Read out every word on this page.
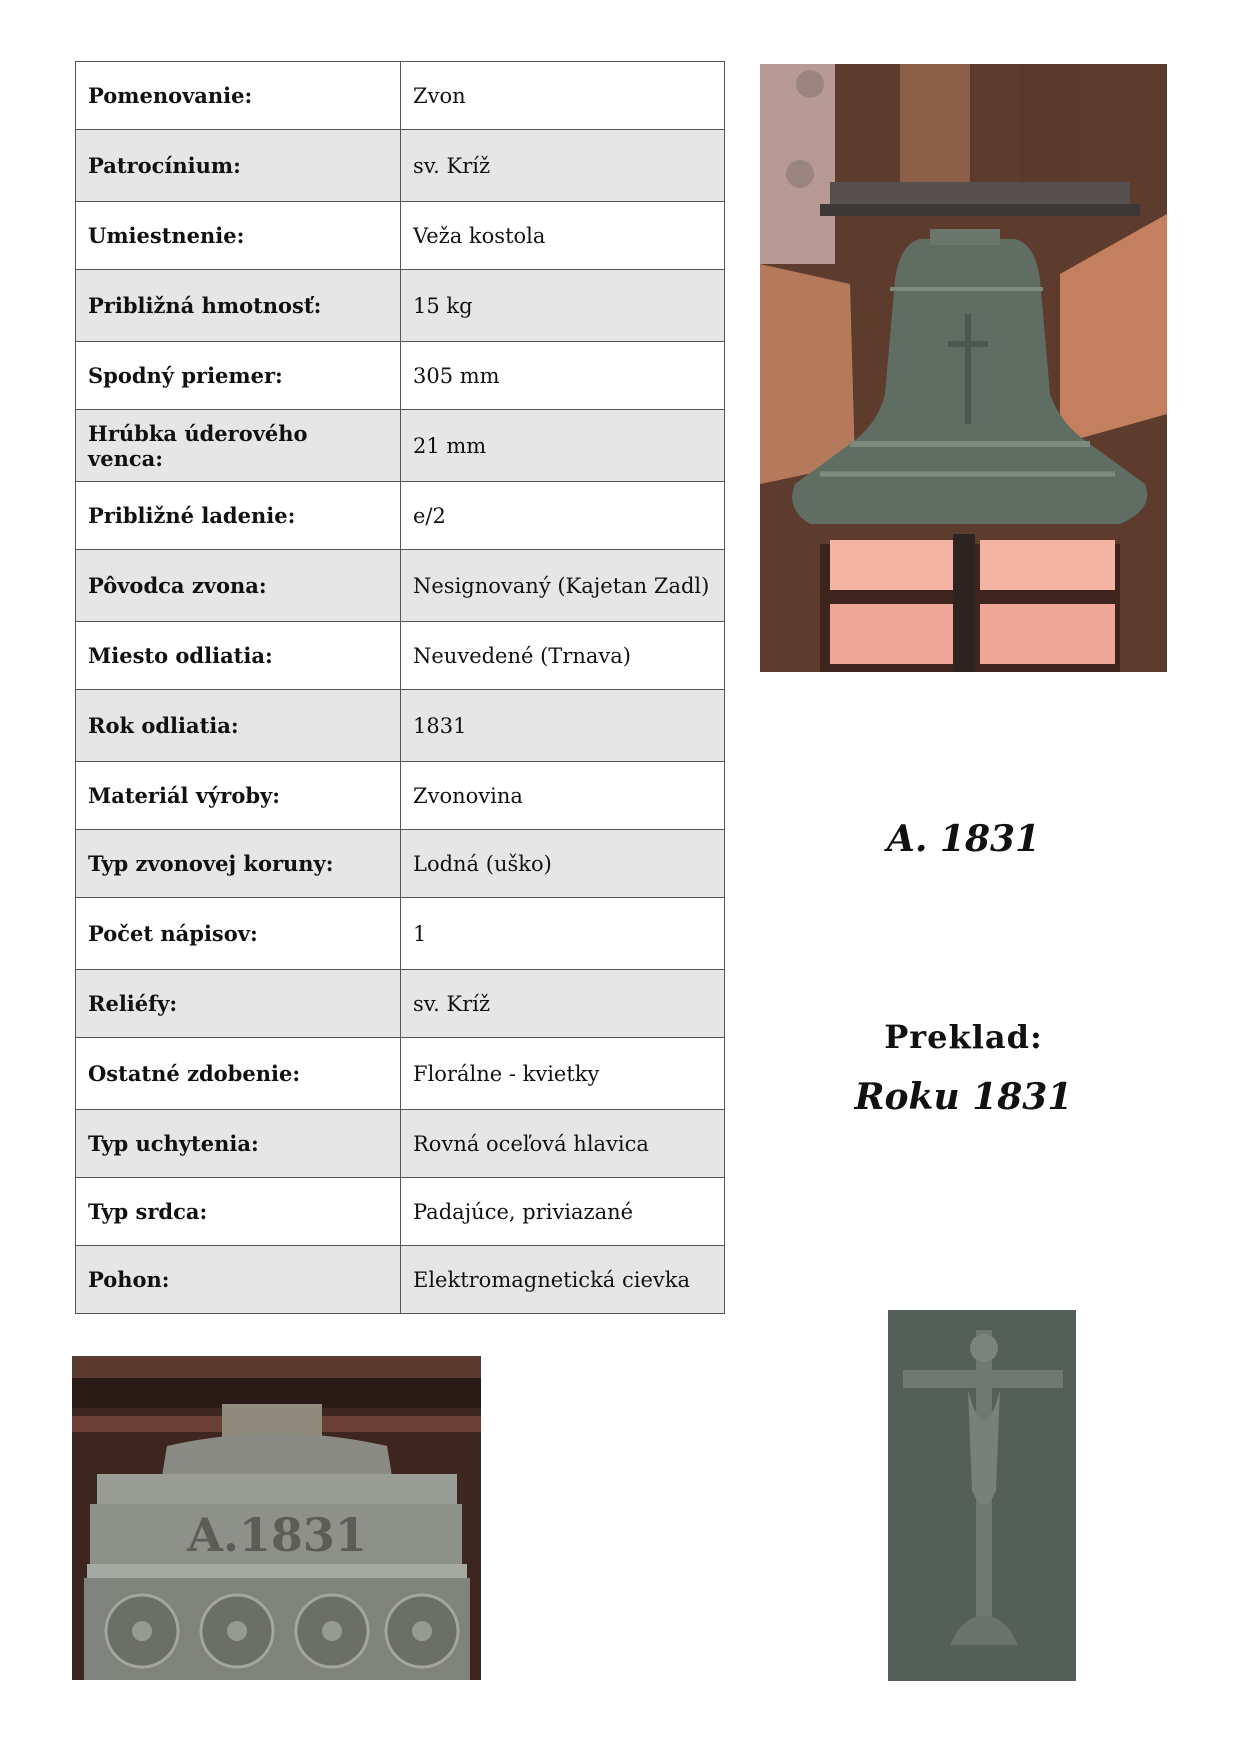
Pomenovanie:	Zvon
Patrocínium:	sv. Kríž
Umiestnenie:	Veža kostola
Približná hmotnosť:	15 kg
Spodný priemer:	305 mm
Hrúbka úderového venca:	21 mm
Približné ladenie:	e/2
Pôvodca zvona:	Nesignovaný (Kajetan Zadl)
Miesto odliatia:	Neuvedené (Trnava)
Rok odliatia:	1831
Materiál výroby:	Zvonovina
Typ zvonovej koruny:	Lodná (uško)
Počet nápisov:	1
Reliéfy:	sv. Kríž
Ostatné zdobenie:	Florálne - kvietky
Typ uchytenia:	Rovná oceľová hlavica
Typ srdca:	Padajúce, priviazané
Pohon:	Elektromagnetická cievka
A. 1831
Preklad:
Roku 1831
A.1831
